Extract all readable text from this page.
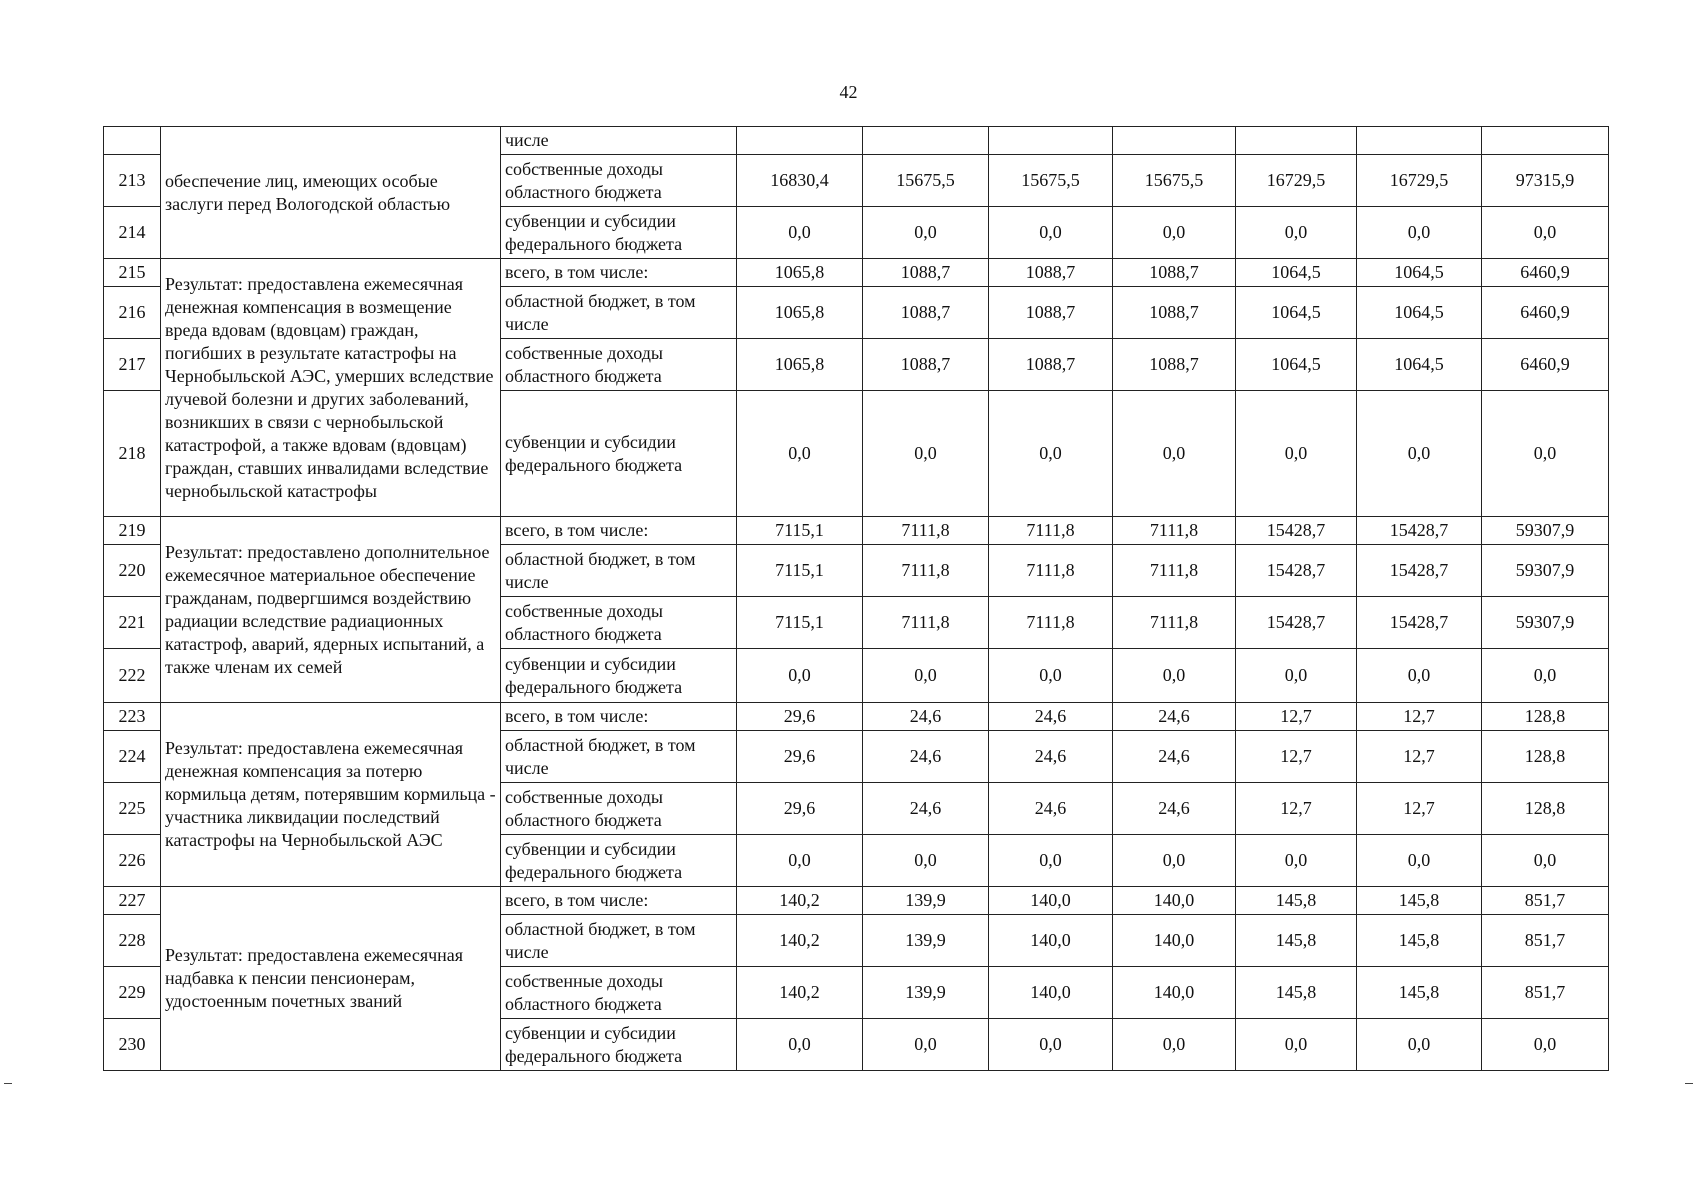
42
	обеспечение лиц, имеющих особые заслуги перед Вологодской областью	числе							
213		собственные доходы областного бюджета	16830,4	15675,5	15675,5	15675,5	16729,5	16729,5	97315,9
214		субвенции и субсидии федерального бюджета	0,0	0,0	0,0	0,0	0,0	0,0	0,0
215	Результат: предоставлена ежемесячная денежная компенсация в возмещение вреда вдовам (вдовцам) граждан, погибших в результате катастрофы на Чернобыльской АЭС, умерших вследствие лучевой болезни и других заболеваний, возникших в связи с чернобыльской катастрофой, а также вдовам (вдовцам) граждан, ставших инвалидами вследствие чернобыльской катастрофы	всего, в том числе:	1065,8	1088,7	1088,7	1088,7	1064,5	1064,5	6460,9
216		областной бюджет, в том числе	1065,8	1088,7	1088,7	1088,7	1064,5	1064,5	6460,9
217		собственные доходы областного бюджета	1065,8	1088,7	1088,7	1088,7	1064,5	1064,5	6460,9
218		субвенции и субсидии федерального бюджета	0,0	0,0	0,0	0,0	0,0	0,0	0,0
219	Результат: предоставлено дополнительное ежемесячное материальное обеспечение гражданам, подвергшимся воздействию радиации вследствие радиационных катастроф, аварий, ядерных испытаний, а также членам их семей	всего, в том числе:	7115,1	7111,8	7111,8	7111,8	15428,7	15428,7	59307,9
220		областной бюджет, в том числе	7115,1	7111,8	7111,8	7111,8	15428,7	15428,7	59307,9
221		собственные доходы областного бюджета	7115,1	7111,8	7111,8	7111,8	15428,7	15428,7	59307,9
222		субвенции и субсидии федерального бюджета	0,0	0,0	0,0	0,0	0,0	0,0	0,0
223	Результат: предоставлена ежемесячная денежная компенсация за потерю кормильца детям, потерявшим кормильца - участника ликвидации последствий катастрофы на Чернобыльской АЭС	всего, в том числе:	29,6	24,6	24,6	24,6	12,7	12,7	128,8
224		областной бюджет, в том числе	29,6	24,6	24,6	24,6	12,7	12,7	128,8
225		собственные доходы областного бюджета	29,6	24,6	24,6	24,6	12,7	12,7	128,8
226		субвенции и субсидии федерального бюджета	0,0	0,0	0,0	0,0	0,0	0,0	0,0
227	Результат: предоставлена ежемесячная надбавка к пенсии пенсионерам, удостоенным почетных званий	всего, в том числе:	140,2	139,9	140,0	140,0	145,8	145,8	851,7
228		областной бюджет, в том числе	140,2	139,9	140,0	140,0	145,8	145,8	851,7
229		собственные доходы областного бюджета	140,2	139,9	140,0	140,0	145,8	145,8	851,7
230		субвенции и субсидии федерального бюджета	0,0	0,0	0,0	0,0	0,0	0,0	0,0
